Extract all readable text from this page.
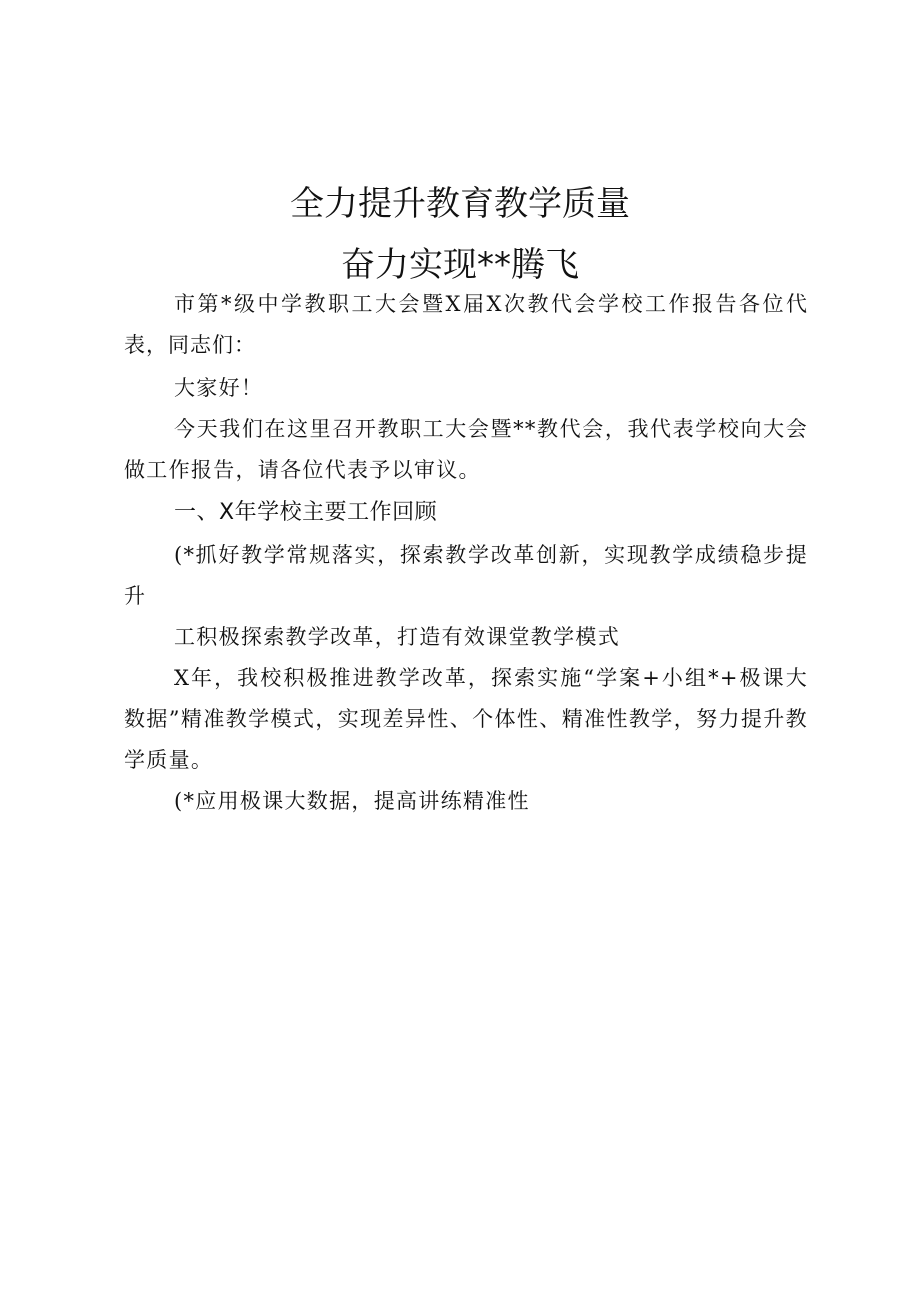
全力提升教育教学质量
奋力实现**腾飞

市第*级中学教职工大会暨X届X次教代会学校工作报告各位代表，同志们：

大家好！

今天我们在这里召开教职工大会暨**教代会，我代表学校向大会做工作报告，请各位代表予以审议。

一、X年学校主要工作回顾

(*抓好教学常规落实，探索教学改革创新，实现教学成绩稳步提升

工积极探索教学改革，打造有效课堂教学模式

X年，我校积极推进教学改革，探索实施“学案+小组*+极课大数据”精准教学模式，实现差异性、个体性、精准性教学，努力提升教学质量。

(*应用极课大数据，提高讲练精准性
